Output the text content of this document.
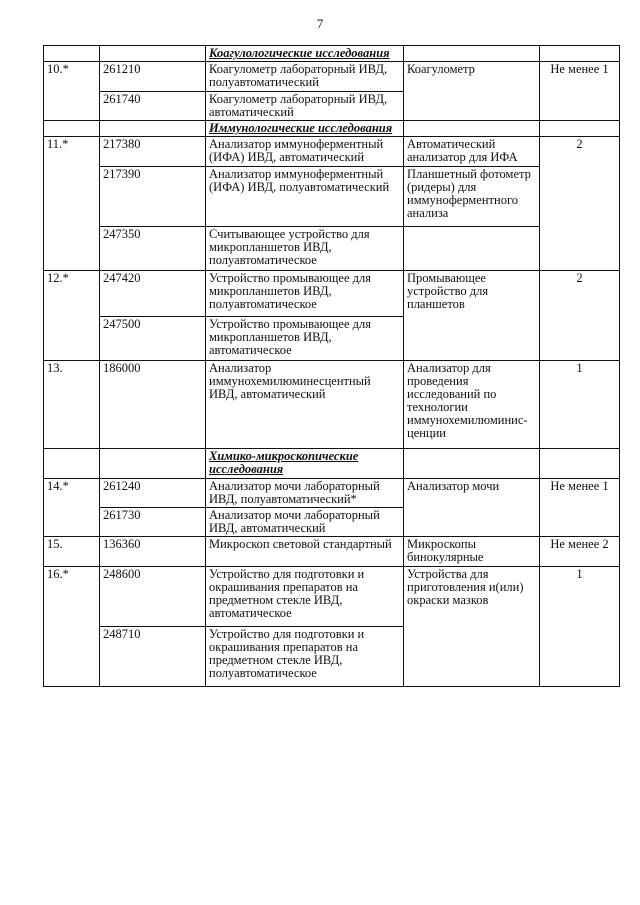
7
		Коагулологические исследования		
10.*	261210	Коагулометр лабораторный ИВД, полуавтоматический	Коагулометр	Не менее 1
	261740	Коагулометр лабораторный ИВД, автоматический		
		Иммунологические исследования		
11.*	217380	Анализатор иммуноферментный (ИФА) ИВД, автоматический	Автоматический анализатор для ИФА	2
	217390	Анализатор иммуноферментный (ИФА) ИВД, полуавтоматический	Планшетный фотометр (ридеры) для иммуноферментного анализа	
	247350	Считывающее устройство для микропланшетов ИВД, полуавтоматическое		
12.*	247420	Устройство промывающее для микропланшетов ИВД, полуавтоматическое	Промывающее устройство для планшетов	2
	247500	Устройство промывающее для микропланшетов ИВД, автоматическое		
13.	186000	Анализатор иммунохемилюминесцентный ИВД, автоматический	Анализатор для проведения исследований по технологии иммунохемилюминис-ценции	1
		Химико-микроскопические исследования		
14.*	261240	Анализатор мочи лабораторный ИВД, полуавтоматический*	Анализатор мочи	Не менее 1
	261730	Анализатор мочи лабораторный ИВД, автоматический		
15.	136360	Микроскоп световой стандартный	Микроскопы бинокулярные	Не менее 2
16.*	248600	Устройство для подготовки и окрашивания препаратов на предметном стекле ИВД, автоматическое	Устройства для приготовления и(или) окраски мазков	1
	248710	Устройство для подготовки и окрашивания препаратов на предметном стекле ИВД, полуавтоматическое		
